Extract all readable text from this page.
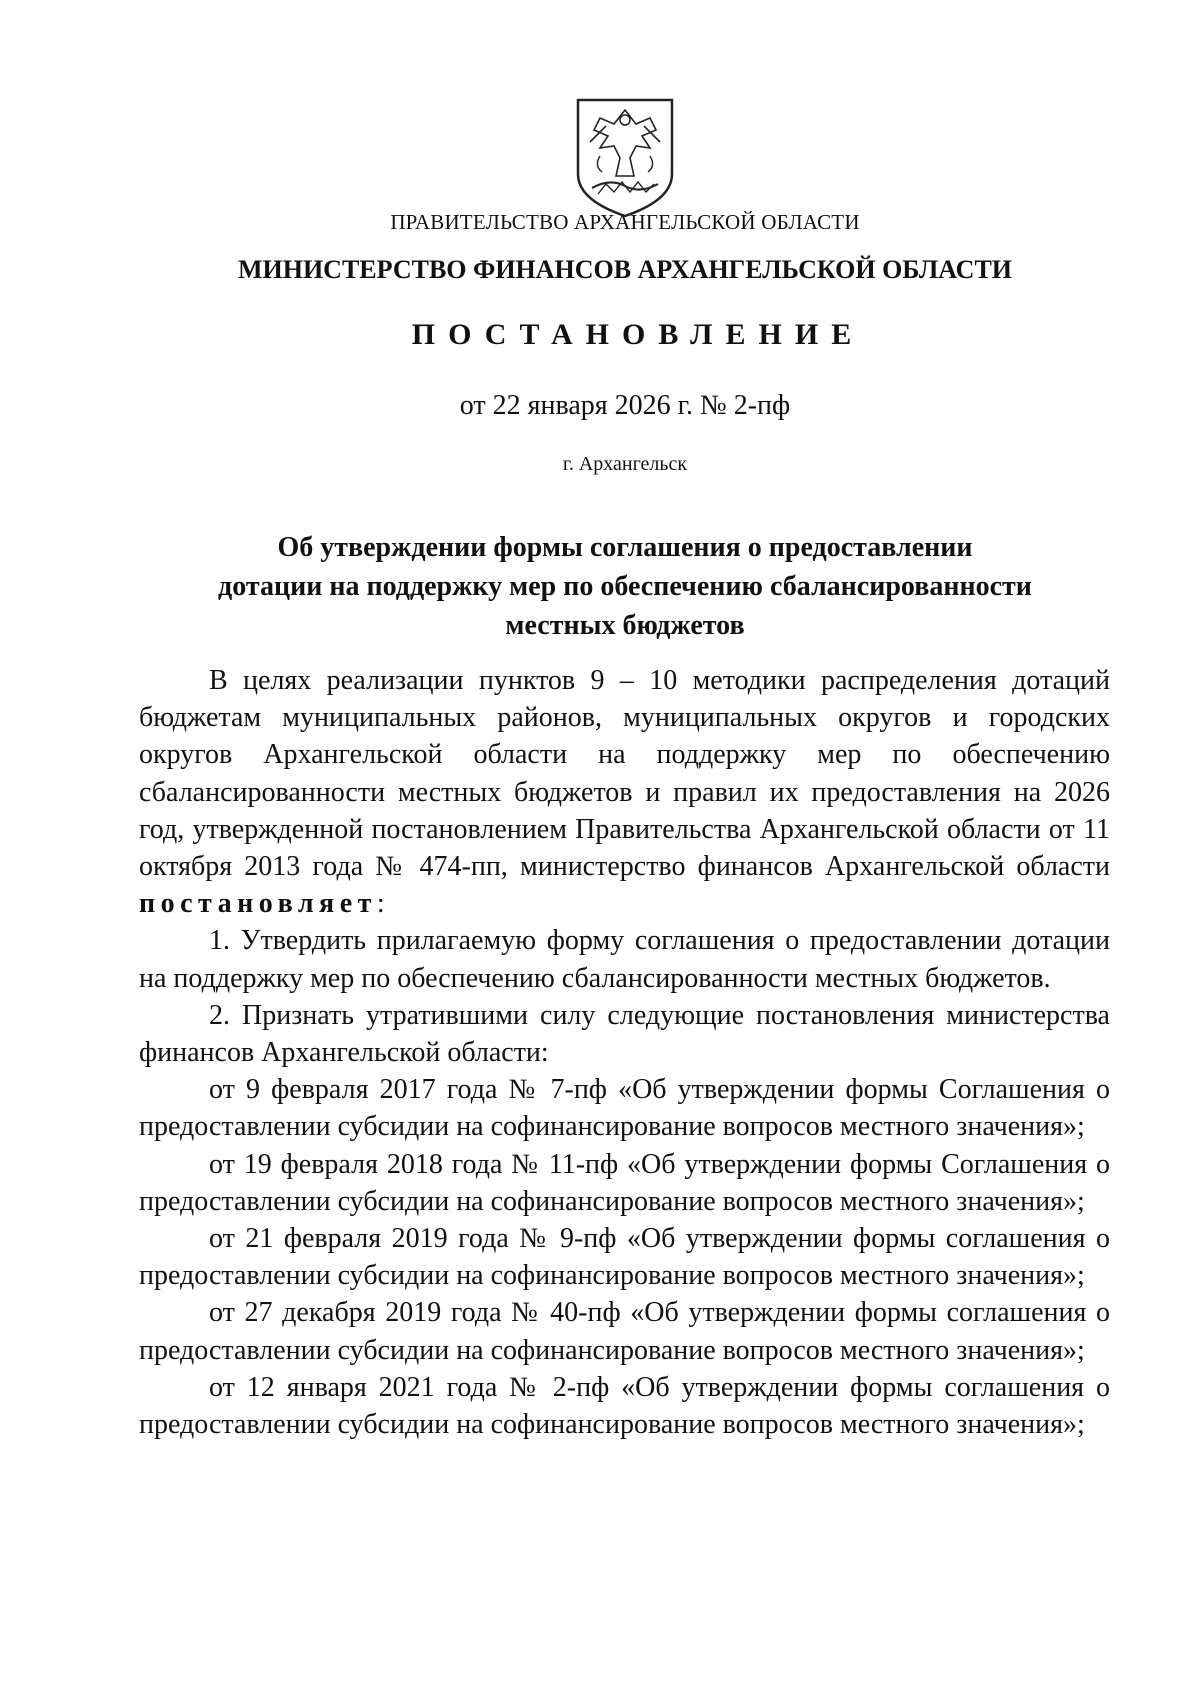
ПРАВИТЕЛЬСТВО АРХАНГЕЛЬСКОЙ ОБЛАСТИ
МИНИСТЕРСТВО ФИНАНСОВ АРХАНГЕЛЬСКОЙ ОБЛАСТИ
ПОСТАНОВЛЕНИЕ
от 22 января 2026 г. № 2-пф
г. Архангельск
Об утверждении формы соглашения о предоставлении
дотации на поддержку мер по обеспечению сбалансированности
местных бюджетов

В целях реализации пунктов 9 – 10 методики распределения дотаций бюджетам муниципальных районов, муниципальных округов и городских округов Архангельской области на поддержку мер по обеспечению сбалансированности местных бюджетов и правил их предоставления на 2026 год, утвержденной постановлением Правительства Архангельской области от 11 октября 2013 года № 474-пп, министерство финансов Архангельской области постановляет:

1. Утвердить прилагаемую форму соглашения о предоставлении дотации на поддержку мер по обеспечению сбалансированности местных бюджетов.

2. Признать утратившими силу следующие постановления министерства финансов Архангельской области:

от 9 февраля 2017 года № 7-пф «Об утверждении формы Соглашения о предоставлении субсидии на софинансирование вопросов местного значения»;

от 19 февраля 2018 года № 11-пф «Об утверждении формы Соглашения о предоставлении субсидии на софинансирование вопросов местного значения»;

от 21 февраля 2019 года № 9-пф «Об утверждении формы соглашения о предоставлении субсидии на софинансирование вопросов местного значения»;

от 27 декабря 2019 года № 40-пф «Об утверждении формы соглашения о предоставлении субсидии на софинансирование вопросов местного значения»;

от 12 января 2021 года № 2-пф «Об утверждении формы соглашения о предоставлении субсидии на софинансирование вопросов местного значения»;
